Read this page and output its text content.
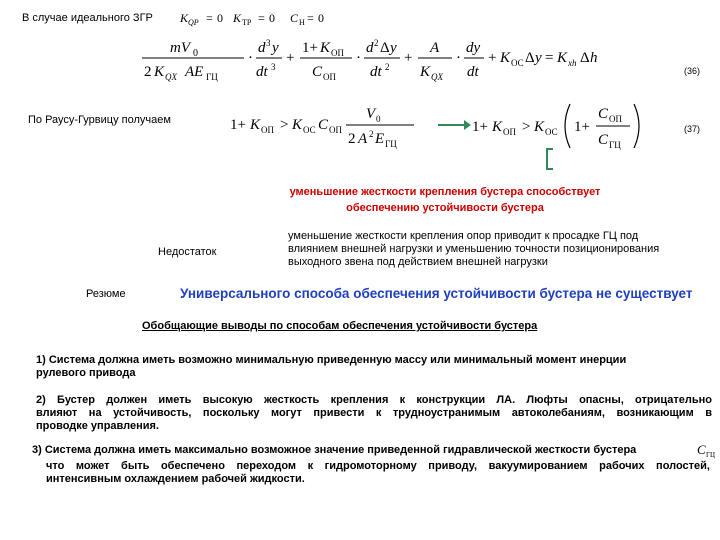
В случае идеального ЗГР K QP = 0 K ТР = 0 C Н = 0
mV 0
2 K QX AE ГЦ
·
d 3 y
dt 3
+
1+ K ОП
C ОП
·
d 2 Δ y
dt 2
+
A
K QX
·
dy
dt
+ K ОС Δ y = K xh Δ h
(36)
По Раусу-Гурвицу получаем	1+ K ОП > K ОС C ОП
V 0
2 A 2 E ГЦ
1+ K ОП > K ОС 1+
C ОП
C ГЦ
(37)
уменьшение жесткости крепления бустера способствует
обеспечению устойчивости бустера
Недостаток
уменьшение жесткости крепления опор приводит к просадке ГЦ под
влиянием внешней нагрузки и уменьшению точности позиционирования
выходного звена под действием внешней нагрузки
Резюме	Универсального способа обеспечения устойчивости бустера не существует
Обобщающие выводы по способам обеспечения устойчивости бустера
1) Система должна иметь возможно минимальную приведенную массу или минимальный момент инерции
рулевого привода
2) Бустер должен иметь высокую жесткость крепления к конструкции ЛА. Люфты опасны, отрицательно
влияют на устойчивость, поскольку могут привести к трудноустранимым автоколебаниям, возникающим в
проводке управления.
3) Система должна иметь максимально возможное значение приведенной гидравлической жесткости бустера	C ГЦ
что может быть обеспечено переходом к гидромоторному приводу, вакуумированием рабочих полостей,
интенсивным охлаждением рабочей жидкости.
